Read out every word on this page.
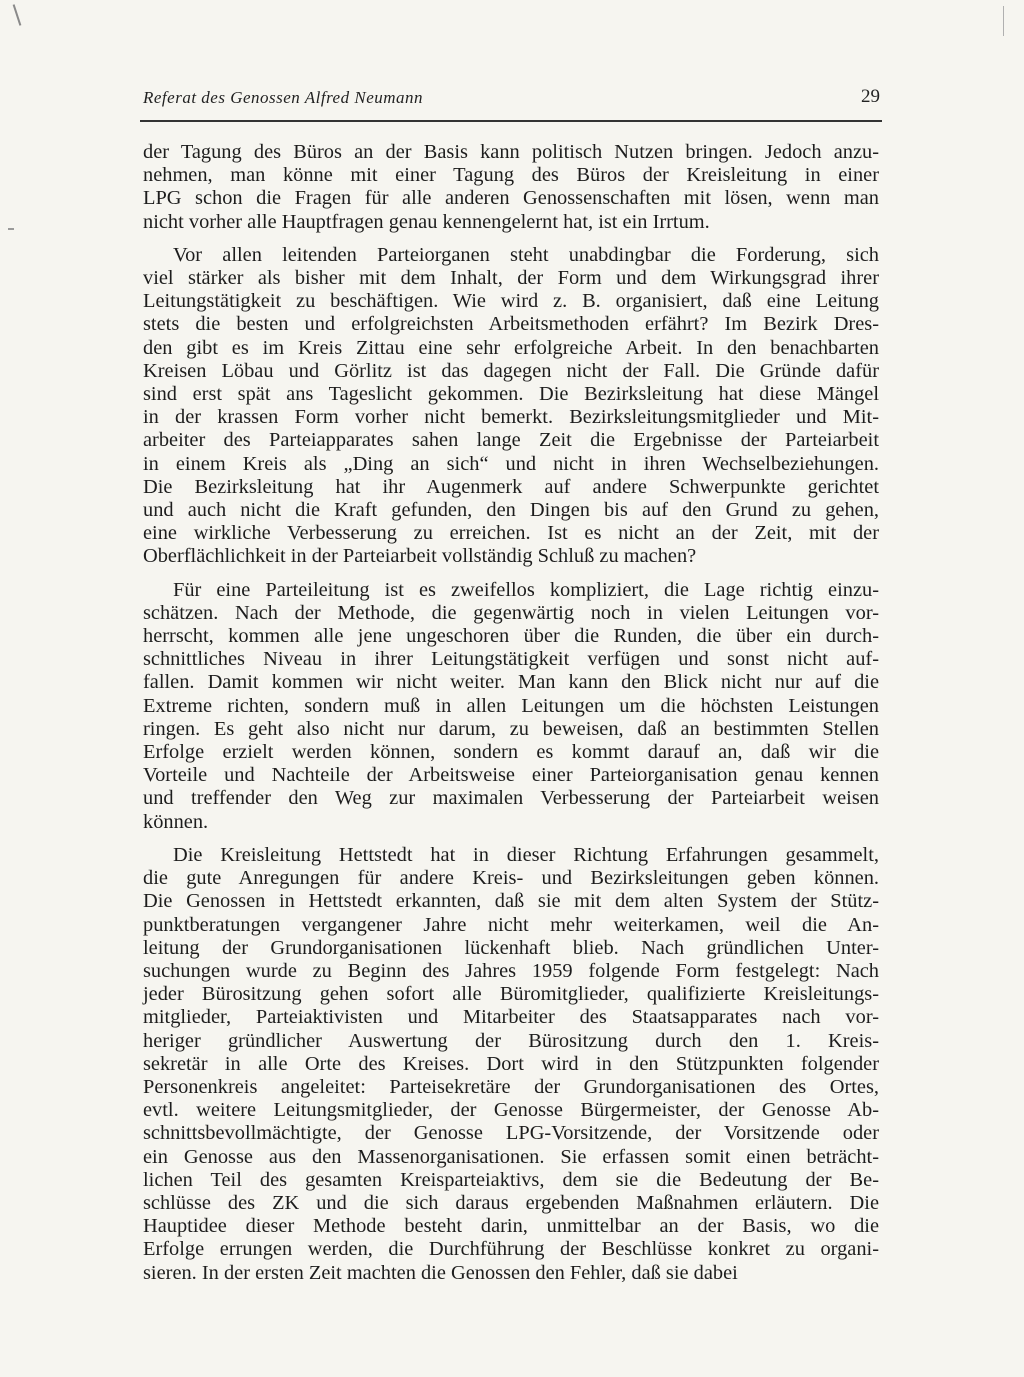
Referat des Genossen Alfred Neumann	29

der Tagung des Büros an der Basis kann politisch Nutzen bringen. Jedoch anzu-
nehmen, man könne mit einer Tagung des Büros der Kreisleitung in einer
LPG schon die Fragen für alle anderen Genossenschaften mit lösen, wenn man
nicht vorher alle Hauptfragen genau kennengelernt hat, ist ein Irrtum.

Vor allen leitenden Parteiorganen steht unabdingbar die Forderung, sich
viel stärker als bisher mit dem Inhalt, der Form und dem Wirkungsgrad ihrer
Leitungstätigkeit zu beschäftigen. Wie wird z. B. organisiert, daß eine Leitung
stets die besten und erfolgreichsten Arbeitsmethoden erfährt? Im Bezirk Dres-
den gibt es im Kreis Zittau eine sehr erfolgreiche Arbeit. In den benachbarten
Kreisen Löbau und Görlitz ist das dagegen nicht der Fall. Die Gründe dafür
sind erst spät ans Tageslicht gekommen. Die Bezirksleitung hat diese Mängel
in der krassen Form vorher nicht bemerkt. Bezirksleitungsmitglieder und Mit-
arbeiter des Parteiapparates sahen lange Zeit die Ergebnisse der Parteiarbeit
in einem Kreis als „Ding an sich“ und nicht in ihren Wechselbeziehungen.
Die Bezirksleitung hat ihr Augenmerk auf andere Schwerpunkte gerichtet
und auch nicht die Kraft gefunden, den Dingen bis auf den Grund zu gehen,
eine wirkliche Verbesserung zu erreichen. Ist es nicht an der Zeit, mit der
Oberflächlichkeit in der Parteiarbeit vollständig Schluß zu machen?

Für eine Parteileitung ist es zweifellos kompliziert, die Lage richtig einzu-
schätzen. Nach der Methode, die gegenwärtig noch in vielen Leitungen vor-
herrscht, kommen alle jene ungeschoren über die Runden, die über ein durch-
schnittliches Niveau in ihrer Leitungstätigkeit verfügen und sonst nicht auf-
fallen. Damit kommen wir nicht weiter. Man kann den Blick nicht nur auf die
Extreme richten, sondern muß in allen Leitungen um die höchsten Leistungen
ringen. Es geht also nicht nur darum, zu beweisen, daß an bestimmten Stellen
Erfolge erzielt werden können, sondern es kommt darauf an, daß wir die
Vorteile und Nachteile der Arbeitsweise einer Parteiorganisation genau kennen
und treffender den Weg zur maximalen Verbesserung der Parteiarbeit weisen
können.

Die Kreisleitung Hettstedt hat in dieser Richtung Erfahrungen gesammelt,
die gute Anregungen für andere Kreis- und Bezirksleitungen geben können.
Die Genossen in Hettstedt erkannten, daß sie mit dem alten System der Stütz-
punktberatungen vergangener Jahre nicht mehr weiterkamen, weil die An-
leitung der Grundorganisationen lückenhaft blieb. Nach gründlichen Unter-
suchungen wurde zu Beginn des Jahres 1959 folgende Form festgelegt: Nach
jeder Bürositzung gehen sofort alle Büromitglieder, qualifizierte Kreisleitungs-
mitglieder, Parteiaktivisten und Mitarbeiter des Staatsapparates nach vor-
heriger gründlicher Auswertung der Bürositzung durch den 1. Kreis-
sekretär in alle Orte des Kreises. Dort wird in den Stützpunkten folgender
Personenkreis angeleitet: Parteisekretäre der Grundorganisationen des Ortes,
evtl. weitere Leitungsmitglieder, der Genosse Bürgermeister, der Genosse Ab-
schnittsbevollmächtigte, der Genosse LPG-Vorsitzende, der Vorsitzende oder
ein Genosse aus den Massenorganisationen. Sie erfassen somit einen beträcht-
lichen Teil des gesamten Kreisparteiaktivs, dem sie die Bedeutung der Be-
schlüsse des ZK und die sich daraus ergebenden Maßnahmen erläutern. Die
Hauptidee dieser Methode besteht darin, unmittelbar an der Basis, wo die
Erfolge errungen werden, die Durchführung der Beschlüsse konkret zu organi-
sieren. In der ersten Zeit machten die Genossen den Fehler, daß sie dabei
